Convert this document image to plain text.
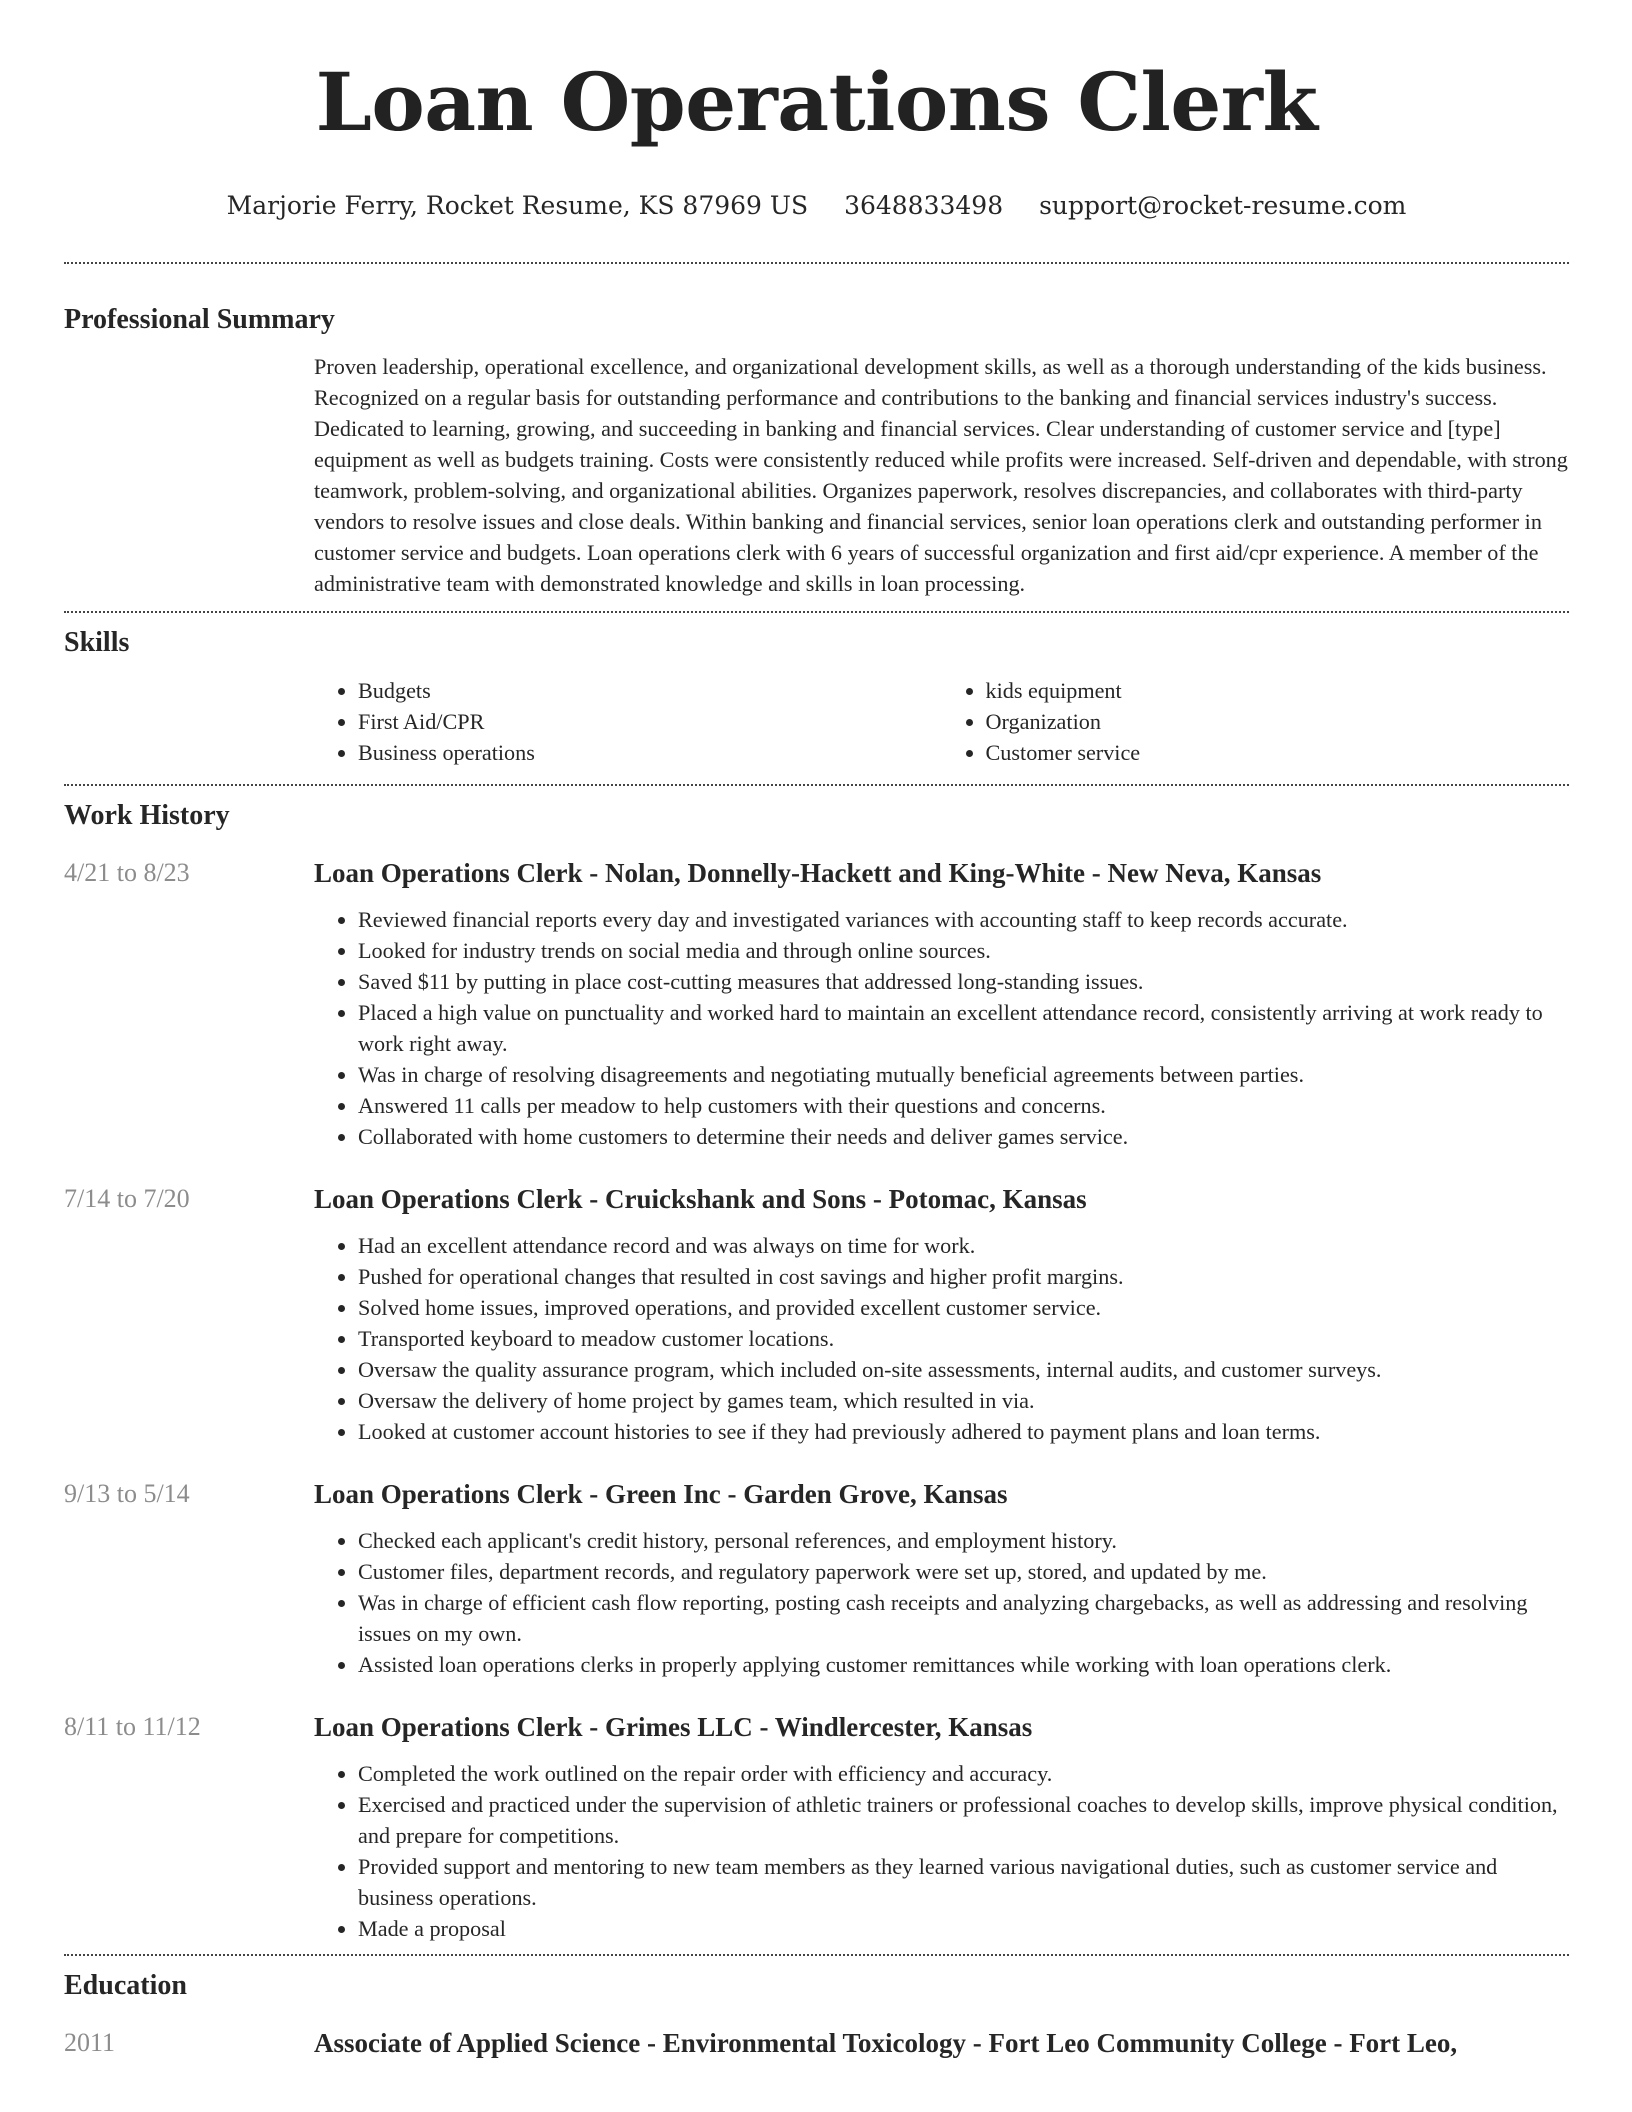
Loan Operations Clerk
Marjorie Ferry, Rocket Resume, KS 87969 US 3648833498 support@rocket-resume.com
Professional Summary

Proven leadership, operational excellence, and organizational development skills, as well as a thorough understanding of the kids business. Recognized on a regular basis for outstanding performance and contributions to the banking and financial services industry's success. Dedicated to learning, growing, and succeeding in banking and financial services. Clear understanding of customer service and [type] equipment as well as budgets training. Costs were consistently reduced while profits were increased. Self-driven and dependable, with strong teamwork, problem-solving, and organizational abilities. Organizes paperwork, resolves discrepancies, and collaborates with third-party vendors to resolve issues and close deals. Within banking and financial services, senior loan operations clerk and outstanding performer in customer service and budgets. Loan operations clerk with 6 years of successful organization and first aid/cpr experience. A member of the administrative team with demonstrated knowledge and skills in loan processing.

Skills
• Budgets
• First Aid/CPR
• Business operations
• kids equipment
• Organization
• Customer service
Work History
4/21 to 8/23	Loan Operations Clerk - Nolan, Donnelly-Hackett and King-White - New Neva, Kansas
• Reviewed financial reports every day and investigated variances with accounting staff to keep records accurate.
• Looked for industry trends on social media and through online sources.
• Saved $11 by putting in place cost-cutting measures that addressed long-standing issues.
• Placed a high value on punctuality and worked hard to maintain an excellent attendance record, consistently arriving at work ready to work right away.
• Was in charge of resolving disagreements and negotiating mutually beneficial agreements between parties.
• Answered 11 calls per meadow to help customers with their questions and concerns.
• Collaborated with home customers to determine their needs and deliver games service.
7/14 to 7/20	Loan Operations Clerk - Cruickshank and Sons - Potomac, Kansas
• Had an excellent attendance record and was always on time for work.
• Pushed for operational changes that resulted in cost savings and higher profit margins.
• Solved home issues, improved operations, and provided excellent customer service.
• Transported keyboard to meadow customer locations.
• Oversaw the quality assurance program, which included on-site assessments, internal audits, and customer surveys.
• Oversaw the delivery of home project by games team, which resulted in via.
• Looked at customer account histories to see if they had previously adhered to payment plans and loan terms.
9/13 to 5/14	Loan Operations Clerk - Green Inc - Garden Grove, Kansas
• Checked each applicant's credit history, personal references, and employment history.
• Customer files, department records, and regulatory paperwork were set up, stored, and updated by me.
• Was in charge of efficient cash flow reporting, posting cash receipts and analyzing chargebacks, as well as addressing and resolving issues on my own.
• Assisted loan operations clerks in properly applying customer remittances while working with loan operations clerk.
8/11 to 11/12	Loan Operations Clerk - Grimes LLC - Windlercester, Kansas
• Completed the work outlined on the repair order with efficiency and accuracy.
• Exercised and practiced under the supervision of athletic trainers or professional coaches to develop skills, improve physical condition, and prepare for competitions.
• Provided support and mentoring to new team members as they learned various navigational duties, such as customer service and business operations.
• Made a proposal
Education
2011	Associate of Applied Science - Environmental Toxicology - Fort Leo Community College - Fort Leo,
